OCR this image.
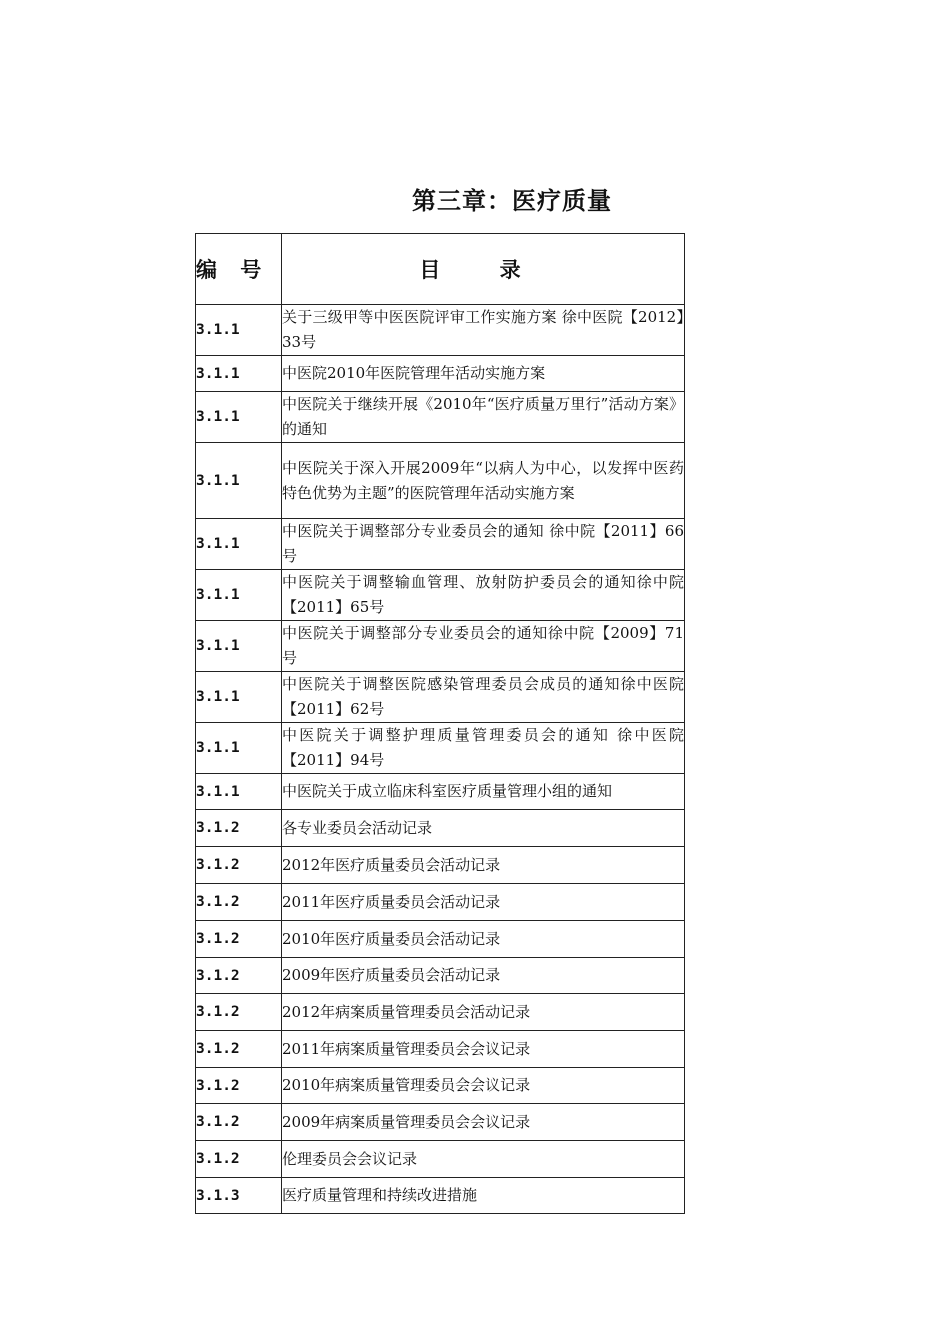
第三章：医疗质量
编 号	目 录
3.1.1	关于三级甲等中医医院评审工作实施方案 徐中医院【2012】33号
3.1.1	中医院2010年医院管理年活动实施方案
3.1.1	中医院关于继续开展《2010年“医疗质量万里行”活动方案》的通知
3.1.1	中医院关于深入开展2009年“以病人为中心，以发挥中医药特色优势为主题”的医院管理年活动实施方案
3.1.1	中医院关于调整部分专业委员会的通知 徐中院【2011】66号
3.1.1	中医院关于调整输血管理、放射防护委员会的通知徐中院【2011】65号
3.1.1	中医院关于调整部分专业委员会的通知徐中院【2009】71号
3.1.1	中医院关于调整医院感染管理委员会成员的通知徐中医院【2011】62号
3.1.1	中医院关于调整护理质量管理委员会的通知 徐中医院【2011】94号
3.1.1	中医院关于成立临床科室医疗质量管理小组的通知
3.1.2	各专业委员会活动记录
3.1.2	2012年医疗质量委员会活动记录
3.1.2	2011年医疗质量委员会活动记录
3.1.2	2010年医疗质量委员会活动记录
3.1.2	2009年医疗质量委员会活动记录
3.1.2	2012年病案质量管理委员会活动记录
3.1.2	2011年病案质量管理委员会会议记录
3.1.2	2010年病案质量管理委员会会议记录
3.1.2	2009年病案质量管理委员会会议记录
3.1.2	伦理委员会会议记录
3.1.3	医疗质量管理和持续改进措施
